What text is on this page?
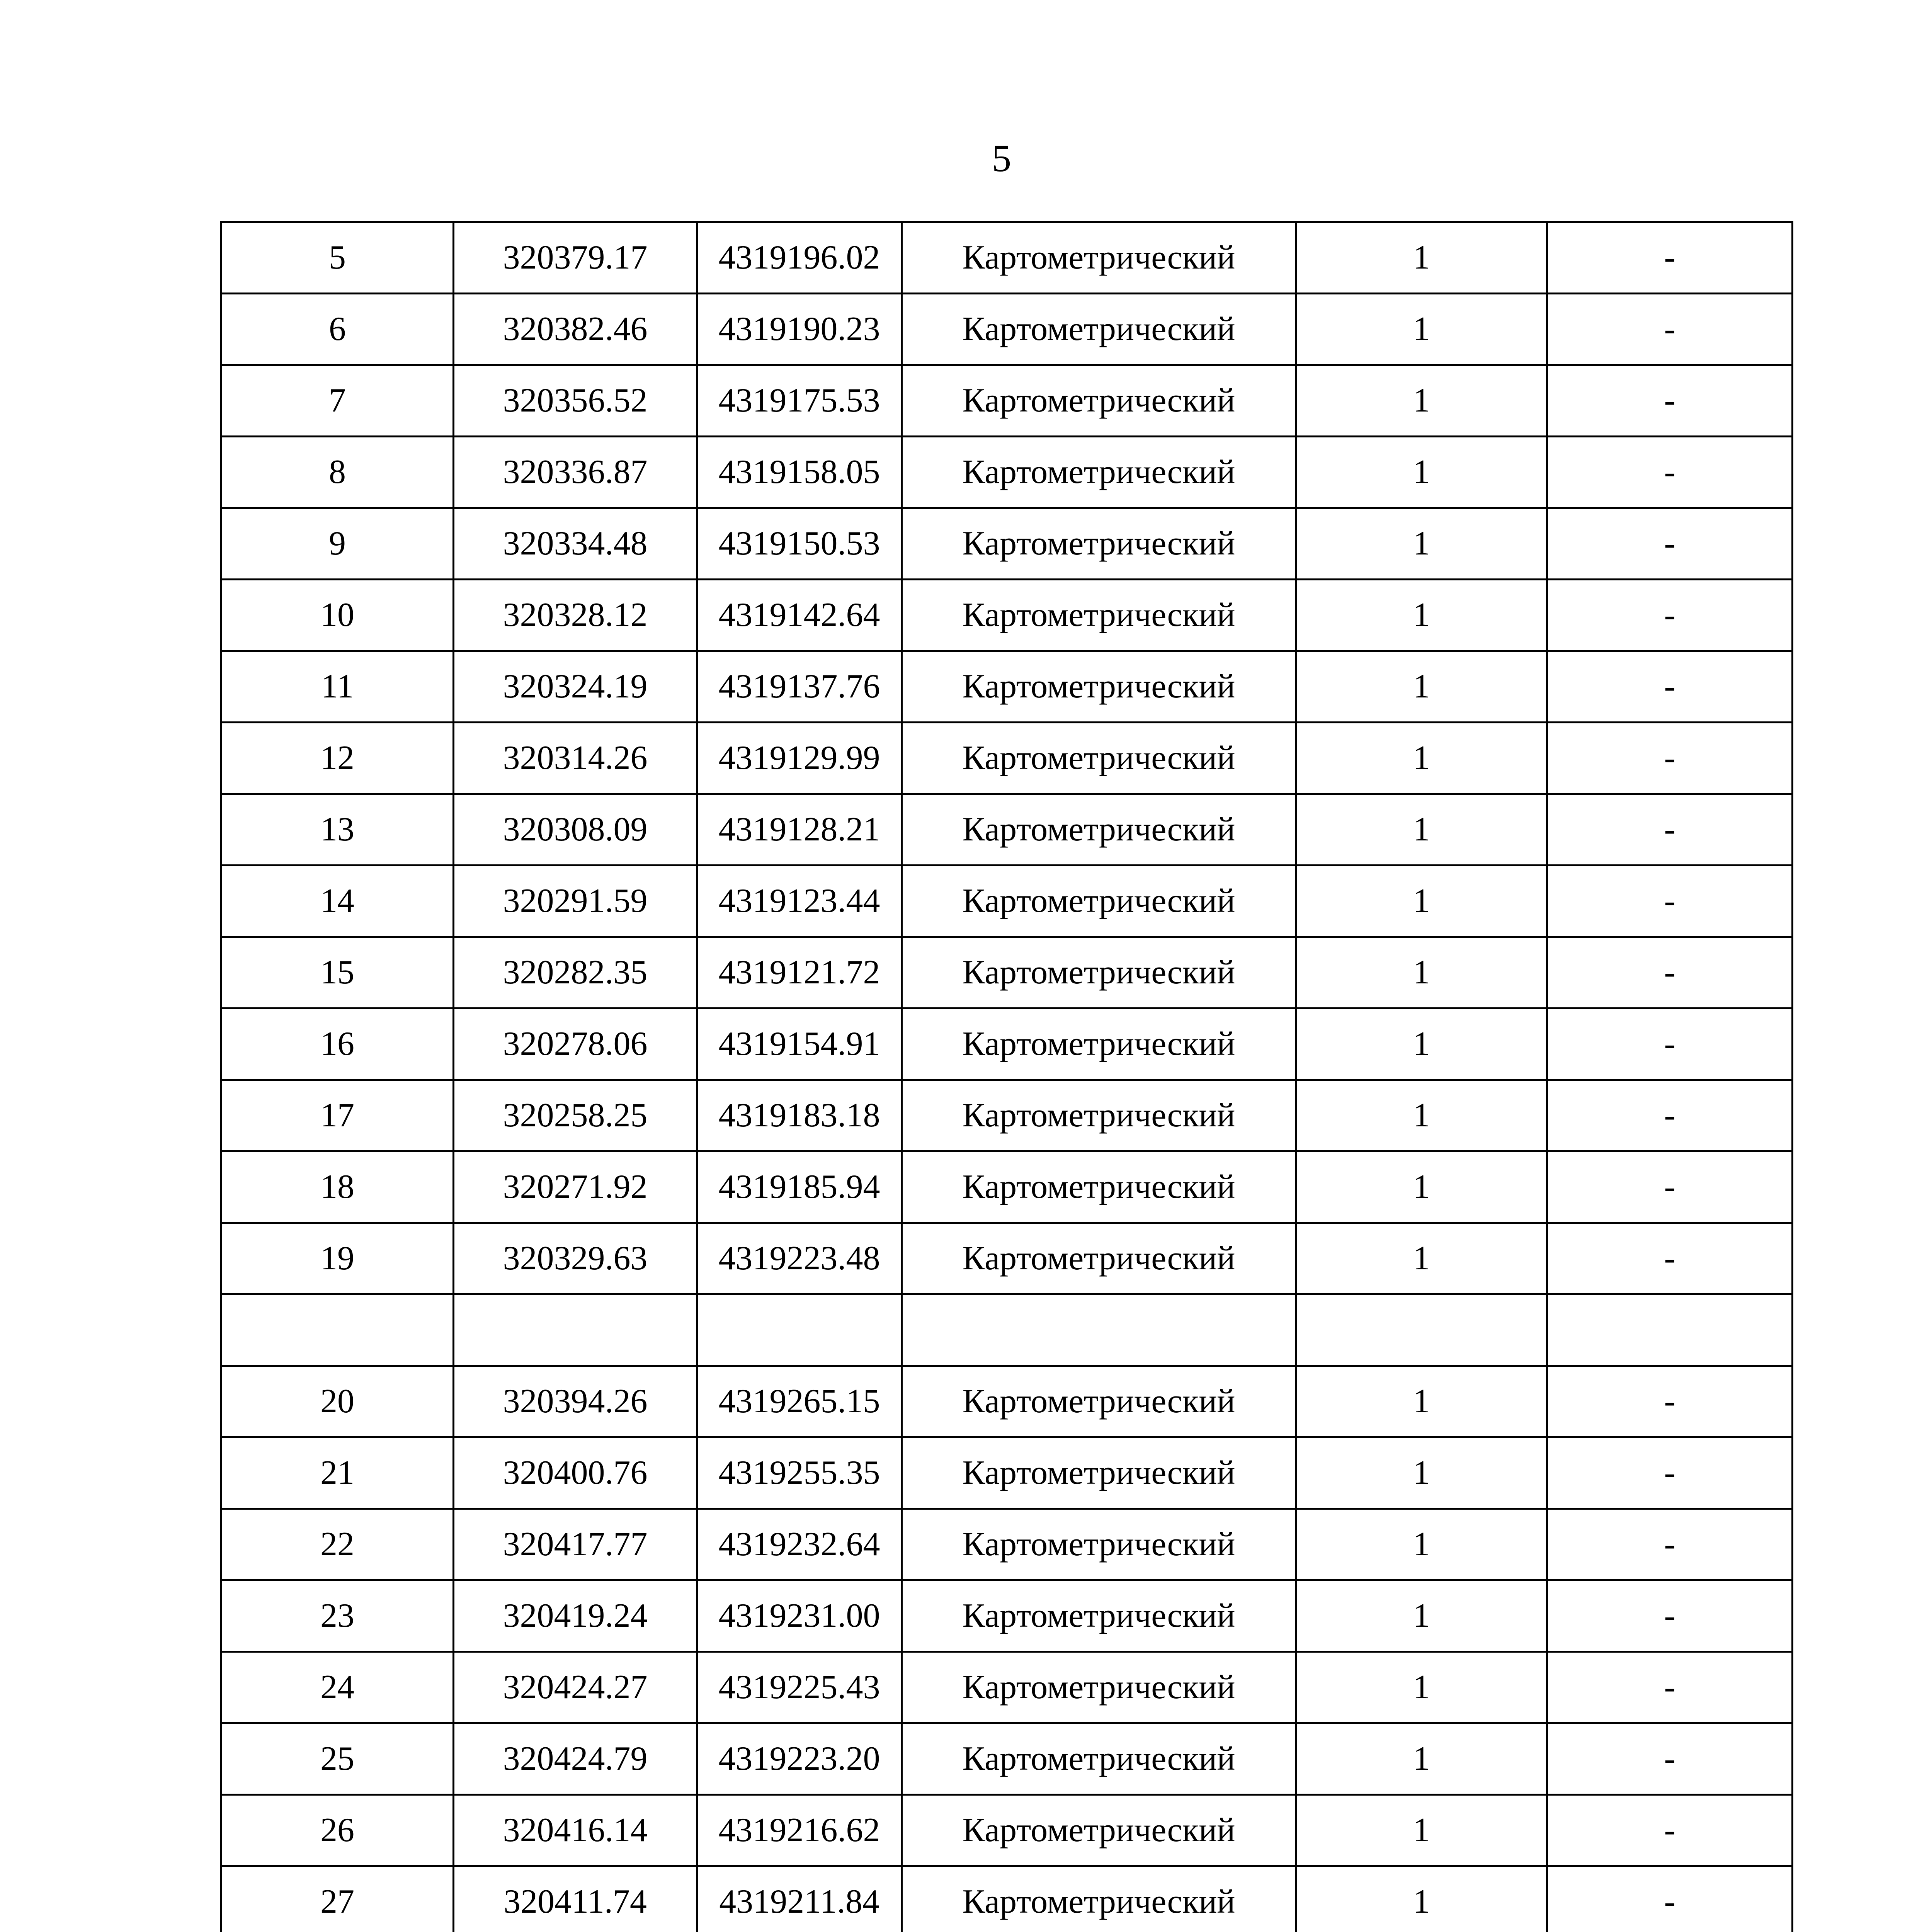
5
5	320379.17	4319196.02	Картометрический	1	-
6	320382.46	4319190.23	Картометрический	1	-
7	320356.52	4319175.53	Картометрический	1	-
8	320336.87	4319158.05	Картометрический	1	-
9	320334.48	4319150.53	Картометрический	1	-
10	320328.12	4319142.64	Картометрический	1	-
11	320324.19	4319137.76	Картометрический	1	-
12	320314.26	4319129.99	Картометрический	1	-
13	320308.09	4319128.21	Картометрический	1	-
14	320291.59	4319123.44	Картометрический	1	-
15	320282.35	4319121.72	Картометрический	1	-
16	320278.06	4319154.91	Картометрический	1	-
17	320258.25	4319183.18	Картометрический	1	-
18	320271.92	4319185.94	Картометрический	1	-
19	320329.63	4319223.48	Картометрический	1	-

20	320394.26	4319265.15	Картометрический	1	-
21	320400.76	4319255.35	Картометрический	1	-
22	320417.77	4319232.64	Картометрический	1	-
23	320419.24	4319231.00	Картометрический	1	-
24	320424.27	4319225.43	Картометрический	1	-
25	320424.79	4319223.20	Картометрический	1	-
26	320416.14	4319216.62	Картометрический	1	-
27	320411.74	4319211.84	Картометрический	1	-
